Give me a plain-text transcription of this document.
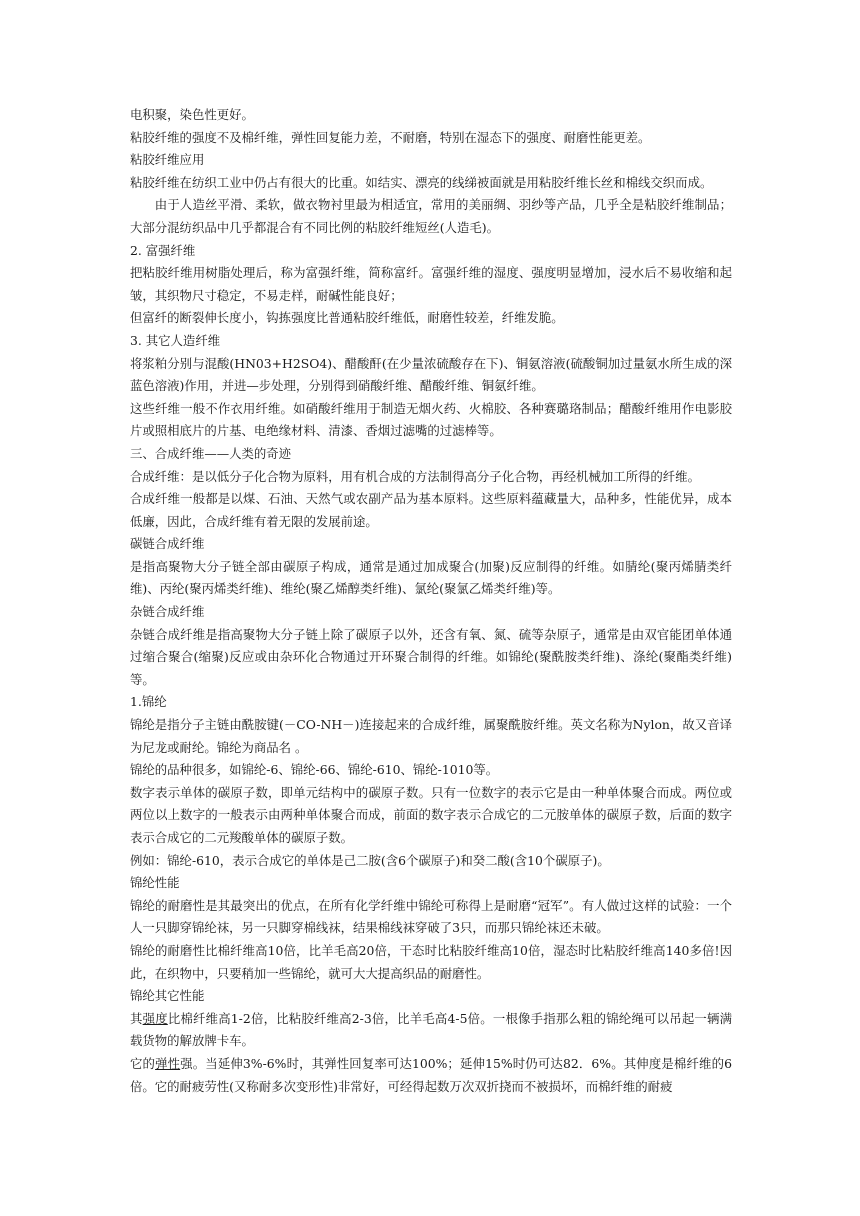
电积聚，染色性更好。

粘胶纤维的强度不及棉纤维，弹性回复能力差，不耐磨，特别在湿态下的强度、耐磨性能更差。

粘胶纤维应用

粘胶纤维在纺织工业中仍占有很大的比重。如结实、漂亮的线绨被面就是用粘胶纤维长丝和棉线交织而成。

由于人造丝平滑、柔软，做衣物衬里最为相适宜，常用的美丽绸、羽纱等产品，几乎全是粘胶纤维制品；大部分混纺织品中几乎都混合有不同比例的粘胶纤维短丝(人造毛)。

2. 富强纤维

把粘胶纤维用树脂处理后，称为富强纤维，简称富纤。富强纤维的湿度、强度明显增加，浸水后不易收缩和起皱，其织物尺寸稳定，不易走样，耐碱性能良好；

但富纤的断裂伸长度小，钩拣强度比普通粘胶纤维低，耐磨性较差，纤维发脆。

3. 其它人造纤维

将浆粕分别与混酸(HN03+H2SO4)、醋酸酐(在少量浓硫酸存在下)、铜氨溶液(硫酸铜加过量氨水所生成的深蓝色溶液)作用，并进—步处理，分别得到硝酸纤维、醋酸纤维、铜氨纤维。

这些纤维一般不作衣用纤维。如硝酸纤维用于制造无烟火药、火棉胶、各种赛璐珞制品；醋酸纤维用作电影胶片或照相底片的片基、电绝缘材料、清漆、香烟过滤嘴的过滤棒等。

三、合成纤维——人类的奇迹

合成纤维：是以低分子化合物为原料，用有机合成的方法制得高分子化合物，再经机械加工所得的纤维。

合成纤维一般都是以煤、石油、天然气或农副产品为基本原料。这些原料蕴藏量大，品种多，性能优异，成本低廉，因此，合成纤维有着无限的发展前途。

碳链合成纤维

是指高聚物大分子链全部由碳原子构成，通常是通过加成聚合(加聚)反应制得的纤维。如腈纶(聚丙烯腈类纤维)、丙纶(聚丙烯类纤维)、维纶(聚乙烯醇类纤维)、氯纶(聚氯乙烯类纤维)等。

杂链合成纤维

杂链合成纤维是指高聚物大分子链上除了碳原子以外，还含有氧、氮、硫等杂原子，通常是由双官能团单体通过缩合聚合(缩聚)反应或由杂环化合物通过开环聚合制得的纤维。如锦纶(聚酰胺类纤维)、涤纶(聚酯类纤维)等。

1.锦纶

锦纶是指分子主链由酰胺键(－CO-NH－)连接起来的合成纤维，属聚酰胺纤维。英文名称为Nylon，故又音译为尼龙或耐纶。锦纶为商品名 。

锦纶的品种很多，如锦纶-6、锦纶-66、锦纶-610、锦纶-1010等。

数字表示单体的碳原子数，即单元结构中的碳原子数。只有一位数字的表示它是由一种单体聚合而成。两位或两位以上数字的一般表示由两种单体聚合而成，前面的数字表示合成它的二元胺单体的碳原子数，后面的数字表示合成它的二元羧酸单体的碳原子数。

例如：锦纶-610，表示合成它的单体是己二胺(含6个碳原子)和癸二酸(含10个碳原子)。

锦纶性能

锦纶的耐磨性是其最突出的优点，在所有化学纤维中锦纶可称得上是耐磨“冠军”。有人做过这样的试验：一个人一只脚穿锦纶袜，另一只脚穿棉线袜，结果棉线袜穿破了3只，而那只锦纶袜还未破。

锦纶的耐磨性比棉纤维高10倍，比羊毛高20倍，干态时比粘胶纤维高10倍，湿态时比粘胶纤维高140多倍!因此，在织物中，只要稍加一些锦纶，就可大大提高织品的耐磨性。

锦纶其它性能

其强度比棉纤维高1-2倍，比粘胶纤维高2-3倍，比羊毛高4-5倍。一根像手指那么粗的锦纶绳可以吊起一辆满载货物的解放牌卡车。

它的弹性强。当延伸3%-6%时，其弹性回复率可达100%；延伸15%时仍可达82．6%。其伸度是棉纤维的6倍。它的耐疲劳性(又称耐多次变形性)非常好，可经得起数万次双折挠而不被损坏，而棉纤维的耐疲
